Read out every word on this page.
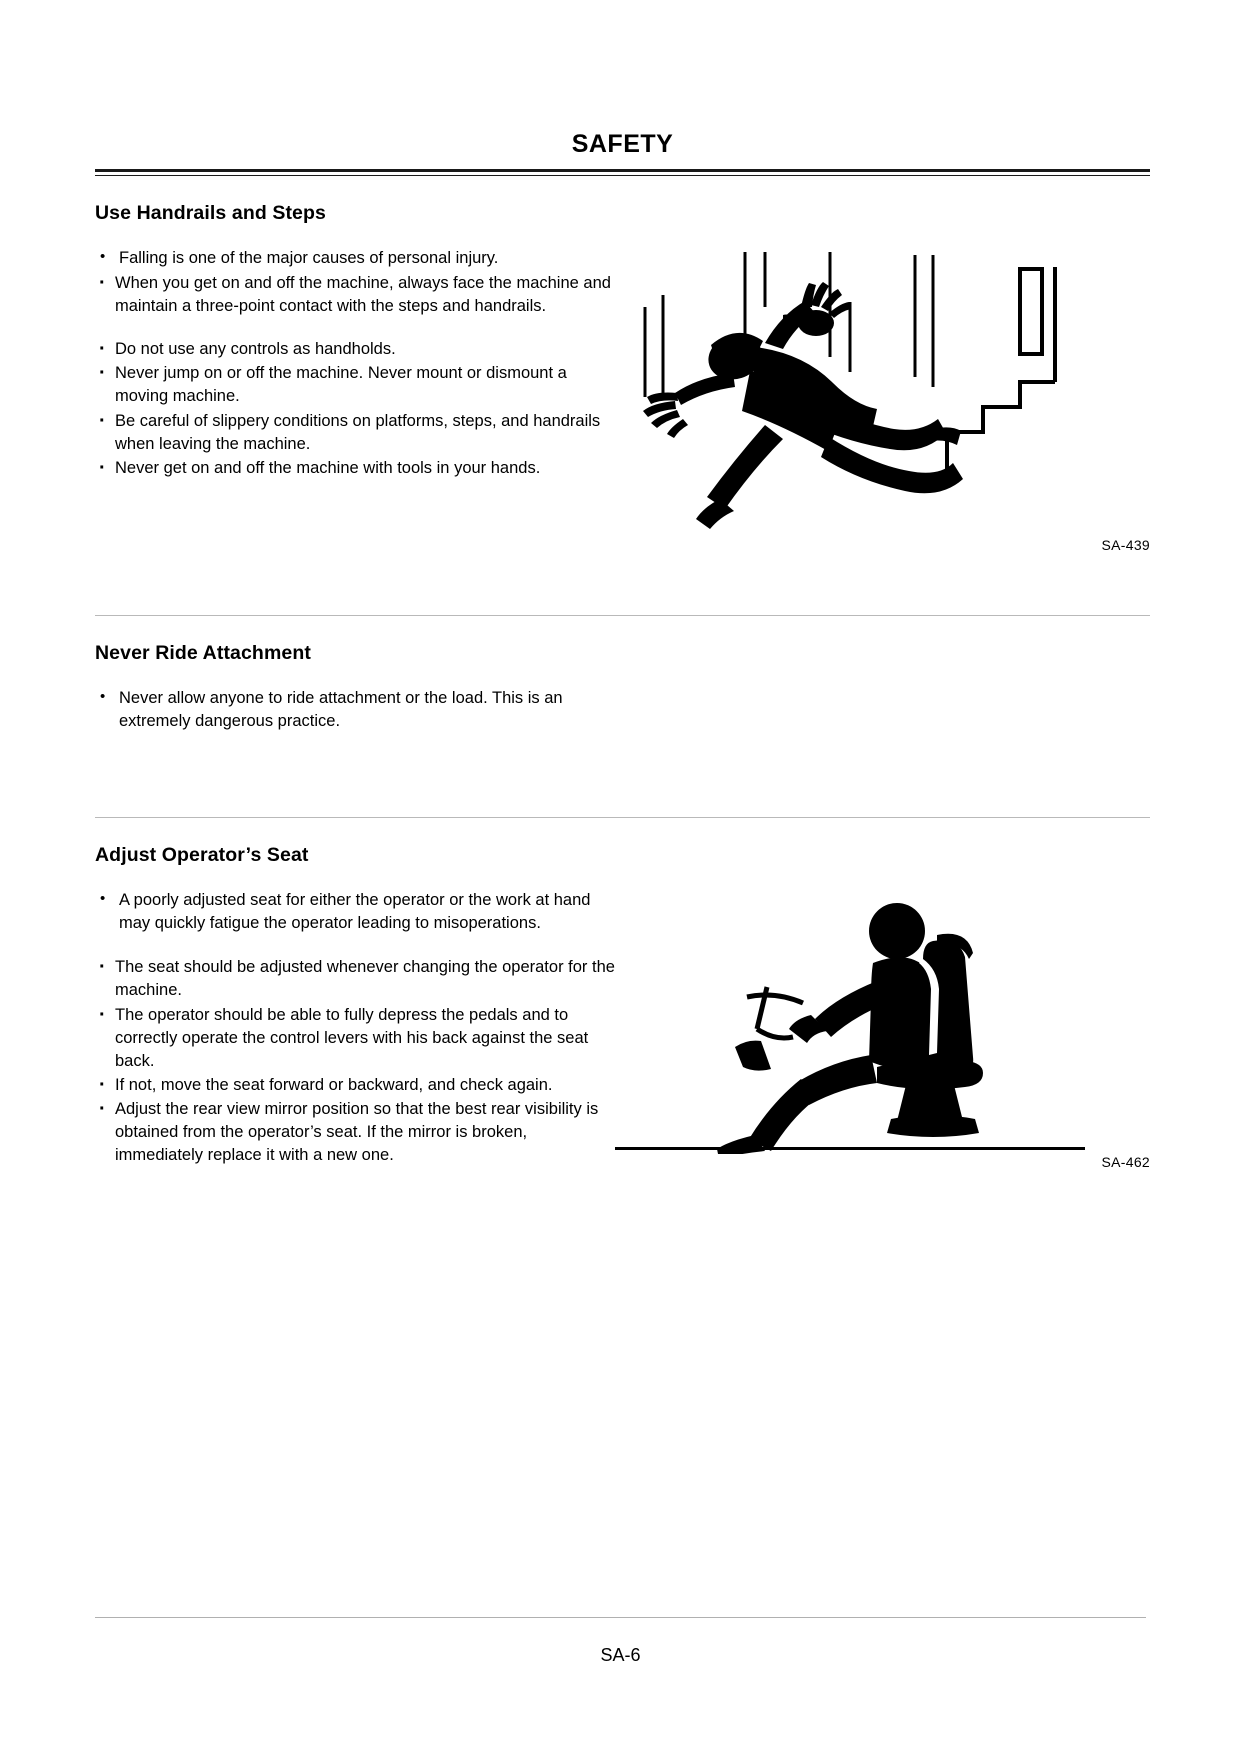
SAFETY
Use Handrails and Steps
• Falling is one of the major causes of personal injury.
· When you get on and off the machine, always face the machine and maintain a three-point contact with the steps and handrails.
· Do not use any controls as handholds.
· Never jump on or off the machine. Never mount or dismount a moving machine.
· Be careful of slippery conditions on platforms, steps, and handrails when leaving the machine.
· Never get on and off the machine with tools in your hands.
SA-439
Never Ride Attachment
• Never allow anyone to ride attachment or the load. This is an extremely dangerous practice.
Adjust Operator’s Seat
• A poorly adjusted seat for either the operator or the work at hand may quickly fatigue the operator leading to misoperations.
· The seat should be adjusted whenever changing the operator for the machine.
· The operator should be able to fully depress the pedals and to correctly operate the control levers with his back against the seat back.
· If not, move the seat forward or backward, and check again.
· Adjust the rear view mirror position so that the best rear visibility is obtained from the operator’s seat. If the mirror is broken, immediately replace it with a new one.	SA-462
SA-6
